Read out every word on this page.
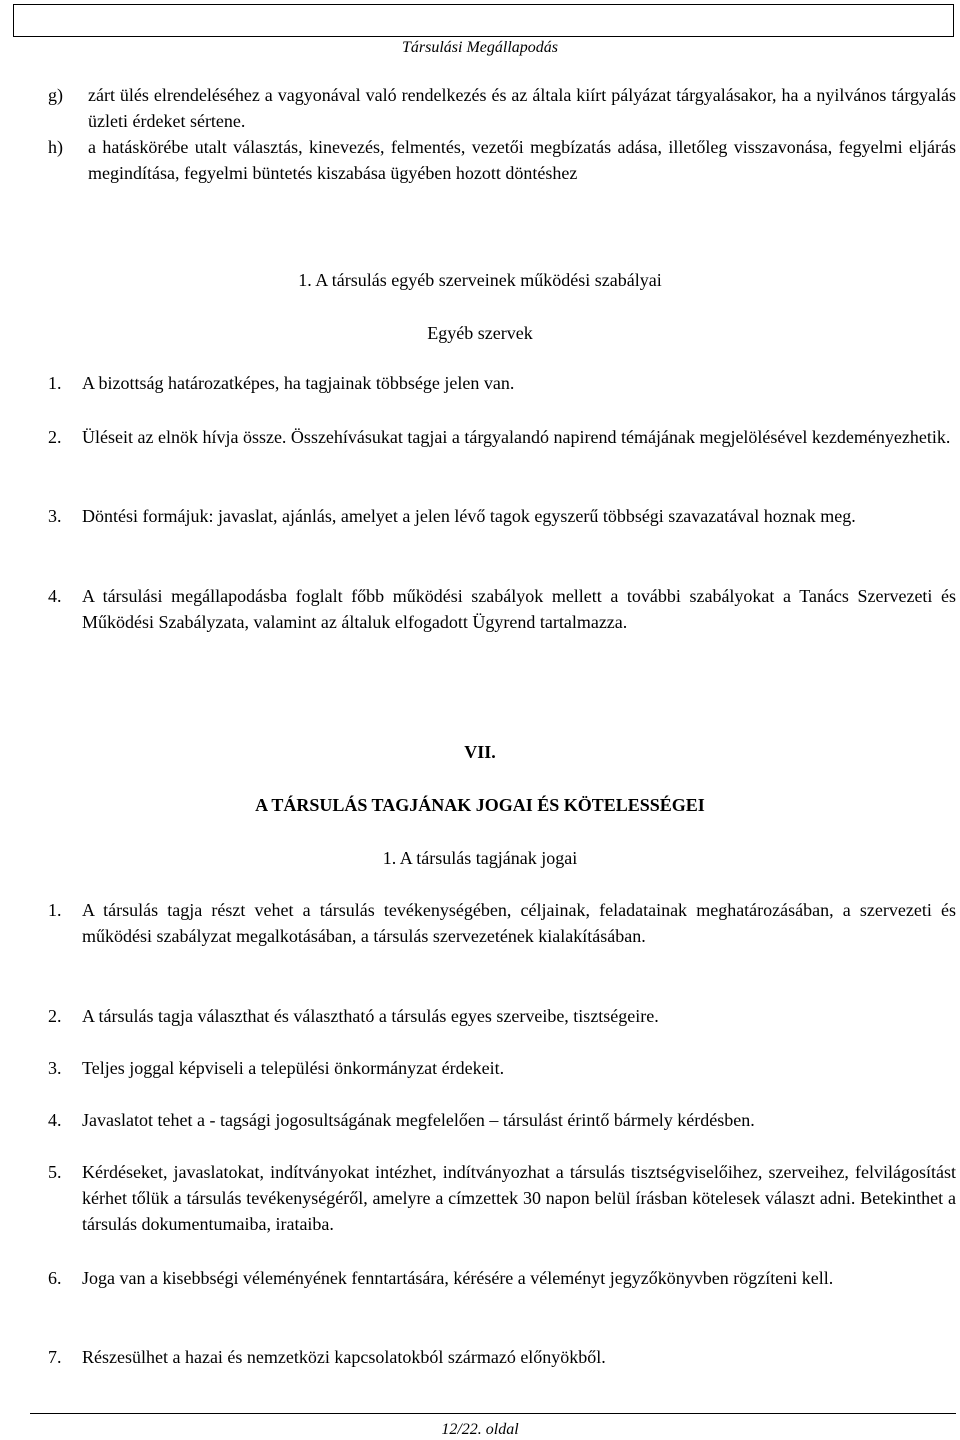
Társulási Megállapodás
g) zárt ülés elrendeléséhez a vagyonával való rendelkezés és az általa kiírt pályázat tárgyalásakor, ha a nyilvános tárgyalás üzleti érdeket sértene.
h) a hatáskörébe utalt választás, kinevezés, felmentés, vezetői megbízatás adása, illetőleg visszavonása, fegyelmi eljárás megindítása, fegyelmi büntetés kiszabása ügyében hozott döntéshez
1. A társulás egyéb szerveinek működési szabályai
Egyéb szervek
1. A bizottság határozatképes, ha tagjainak többsége jelen van.
2. Üléseit az elnök hívja össze. Összehívásukat tagjai a tárgyalandó napirend témájának megjelölésével kezdeményezhetik.
3. Döntési formájuk: javaslat, ajánlás, amelyet a jelen lévő tagok egyszerű többségi szavazatával hoznak meg.
4. A társulási megállapodásba foglalt főbb működési szabályok mellett a további szabályokat a Tanács Szervezeti és Működési Szabályzata, valamint az általuk elfogadott Ügyrend tartalmazza.
VII.
A TÁRSULÁS TAGJÁNAK JOGAI ÉS KÖTELESSÉGEI
1. A társulás tagjának jogai
1. A társulás tagja részt vehet a társulás tevékenységében, céljainak, feladatainak meghatározásában, a szervezeti és működési szabályzat megalkotásában, a társulás szervezetének kialakításában.
2. A társulás tagja választhat és választható a társulás egyes szerveibe, tisztségeire.
3. Teljes joggal képviseli a települési önkormányzat érdekeit.
4. Javaslatot tehet a - tagsági jogosultságának megfelelően – társulást érintő bármely kérdésben.
5. Kérdéseket, javaslatokat, indítványokat intézhet, indítványozhat a társulás tisztségviselőihez, szerveihez, felvilágosítást kérhet tőlük a társulás tevékenységéről, amelyre a címzettek 30 napon belül írásban kötelesek választ adni. Betekinthet a társulás dokumentumaiba, irataiba.
6. Joga van a kisebbségi véleményének fenntartására, kérésére a véleményt jegyzőkönyvben rögzíteni kell.
7. Részesülhet a hazai és nemzetközi kapcsolatokból származó előnyökből.
12/22. oldal
